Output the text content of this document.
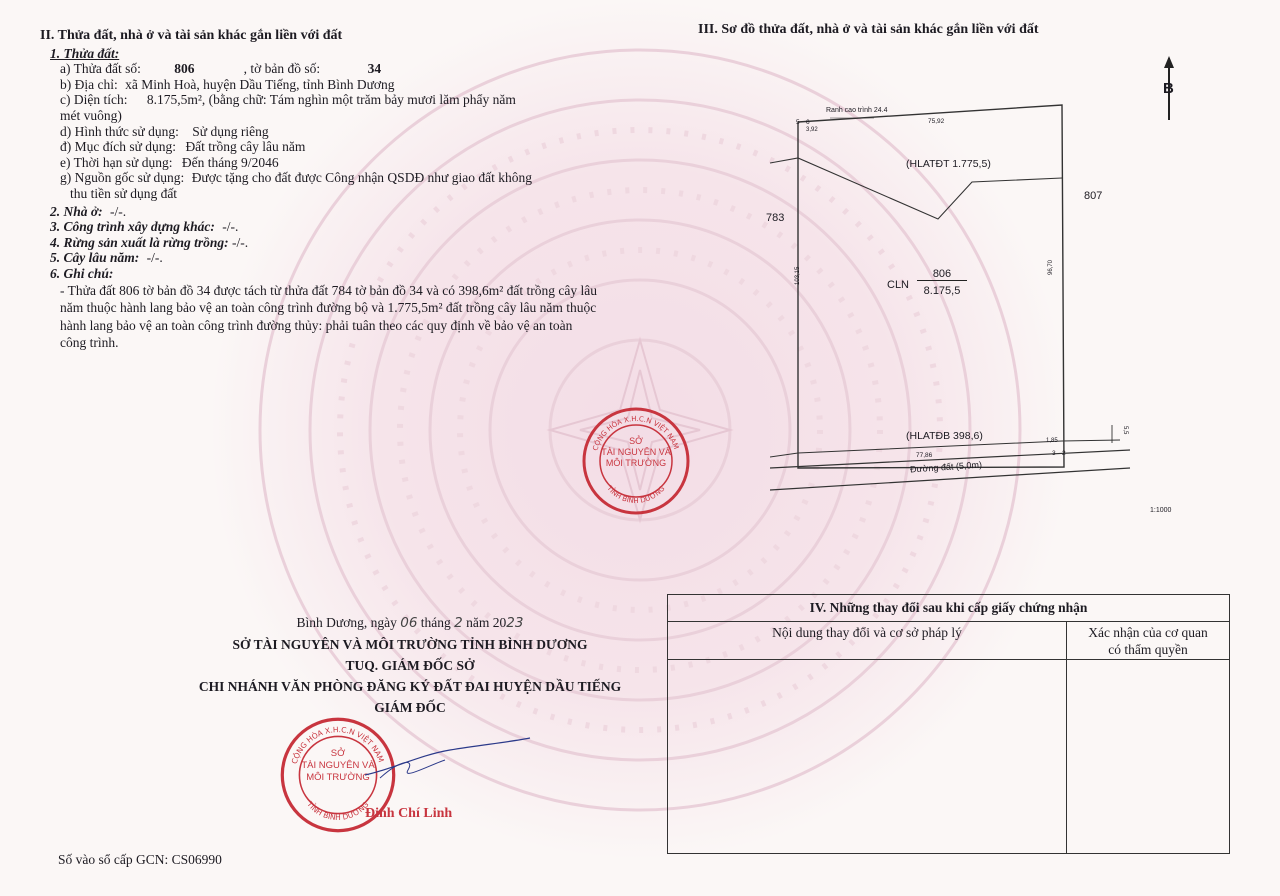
II. Thửa đất, nhà ở và tài sản khác gắn liền với đất
1. Thửa đất:
a) Thửa đất số: 806	, tờ bản đồ số:	34
b) Địa chỉ: xã Minh Hoà, huyện Dầu Tiếng, tỉnh Bình Dương
c) Diện tích: 8.175,5m², (bằng chữ: Tám nghìn một trăm bảy mươi lăm phẩy năm
mét vuông)
d) Hình thức sử dụng: Sử dụng riêng
đ) Mục đích sử dụng: Đất trồng cây lâu năm
e) Thời hạn sử dụng: Đến tháng 9/2046
g) Nguồn gốc sử dụng: Được tặng cho đất được Công nhận QSDĐ như giao đất không
thu tiền sử dụng đất
2. Nhà ở: -/-.
3. Công trình xây dựng khác: -/-.
4. Rừng sản xuất là rừng trồng: -/-.
5. Cây lâu năm: -/-.
6. Ghi chú:
- Thửa đất 806 tờ bản đồ 34 được tách từ thửa đất 784 tờ bản đồ 34 và có 398,6m² đất trồng cây lâu năm thuộc hành lang bảo vệ an toàn công trình đường bộ và 1.775,5m² đất trồng cây lâu năm thuộc hành lang bảo vệ an toàn công trình đường thủy: phải tuân theo các quy định về bảo vệ an toàn công trình.
III. Sơ đồ thửa đất, nhà ở và tài sản khác gắn liền với đất
B
Ranh cao trình 24.4
5 6
3,92
75,92
(HLATĐT 1.775,5)
783
807
103,15	96,70
CLN
806
8.175,5
(HLATĐB 398,6)	5,5
1,85
3 2
77,86
Đường đất (5,0m)
1:1000
CỘNG HÒA X.H.C.N VIỆT NAM
TỈNH BÌNH DƯƠNG
SỞ
TÀI NGUYÊN VÀ
MÔI TRƯỜNG
Bình Dương, ngày 06 tháng 2 năm 2023
SỞ TÀI NGUYÊN VÀ MÔI TRƯỜNG TỈNH BÌNH DƯƠNG
TUQ. GIÁM ĐỐC SỞ
CHI NHÁNH VĂN PHÒNG ĐĂNG KÝ ĐẤT ĐAI HUYỆN DẦU TIẾNG
GIÁM ĐỐC
CỘNG HÒA X.H.C.N VIỆT NAM
TỈNH BÌNH DƯƠNG
SỞ
TÀI NGUYÊN VÀ
MÔI TRƯỜNG
Đinh Chí Linh
IV. Những thay đổi sau khi cấp giấy chứng nhận	
Nội dung thay đổi và cơ sở pháp lý	Xác nhận của cơ quan
có thẩm quyền

Số vào sổ cấp GCN: CS06990
